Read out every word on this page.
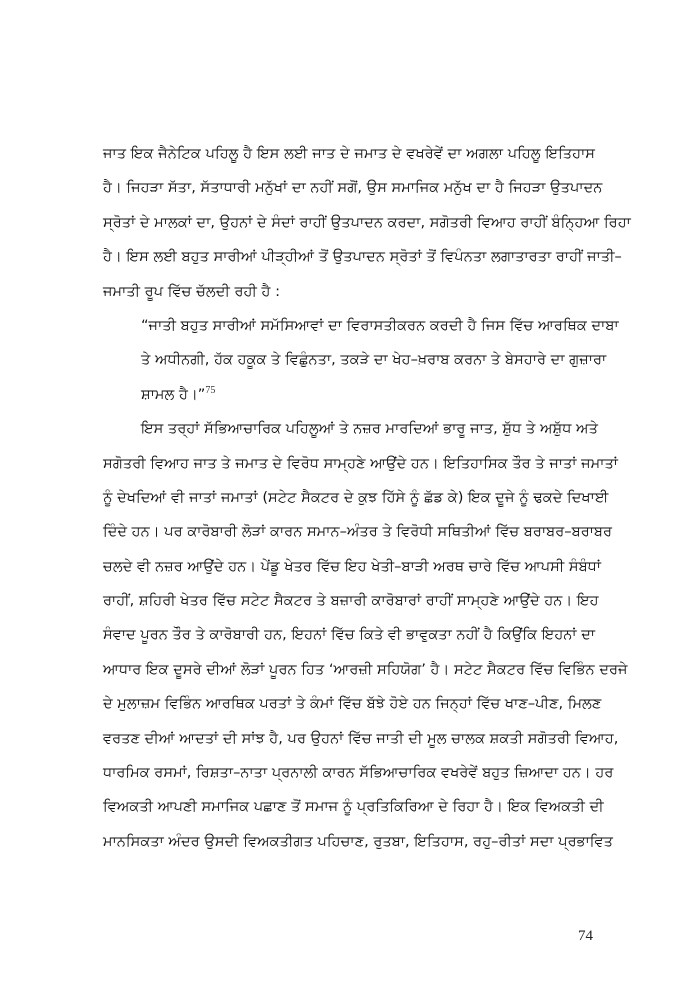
ਜਾਤ ਇਕ ਜੈਨੇਟਿਕ ਪਹਿਲੂ ਹੈ ਇਸ ਲਈ ਜਾਤ ਦੇ ਜਮਾਤ ਦੇ ਵਖਰੇਵੇਂ ਦਾ ਅਗਲਾ ਪਹਿਲੂ ਇਤਿਹਾਸ
ਹੈ। ਜਿਹੜਾ ਸੱਤਾ, ਸੱਤਾਧਾਰੀ ਮਨੁੱਖਾਂ ਦਾ ਨਹੀਂ ਸਗੋਂ, ਉਸ ਸਮਾਜਿਕ ਮਨੁੱਖ ਦਾ ਹੈ ਜਿਹੜਾ ਉਤਪਾਦਨ
ਸ੍ਰੋਤਾਂ ਦੇ ਮਾਲਕਾਂ ਦਾ, ਉਹਨਾਂ ਦੇ ਸੰਦਾਂ ਰਾਹੀਂ ਉਤਪਾਦਨ ਕਰਦਾ, ਸਗੋਤਰੀ ਵਿਆਹ ਰਾਹੀਂ ਬੰਨ੍ਹਿਆ ਰਿਹਾ
ਹੈ। ਇਸ ਲਈ ਬਹੁਤ ਸਾਰੀਆਂ ਪੀੜ੍ਹੀਆਂ ਤੋਂ ਉਤਪਾਦਨ ਸ੍ਰੋਤਾਂ ਤੋਂ ਵਿਪੰਨਤਾ ਲਗਾਤਾਰਤਾ ਰਾਹੀਂ ਜਾਤੀ–
ਜਮਾਤੀ ਰੂਪ ਵਿੱਚ ਚੱਲਦੀ ਰਹੀ ਹੈ :
“ਜਾਤੀ ਬਹੁਤ ਸਾਰੀਆਂ ਸਮੱਸਿਆਵਾਂ ਦਾ ਵਿਰਾਸਤੀਕਰਨ ਕਰਦੀ ਹੈ ਜਿਸ ਵਿੱਚ ਆਰਥਿਕ ਦਾਬਾ
ਤੇ ਅਧੀਨਗੀ, ਹੱਕ ਹਕੂਕ ਤੇ ਵਿਛੁੰਨਤਾ, ਤਕੜੇ ਦਾ ਖੇਹ–ਖ਼ਰਾਬ ਕਰਨਾ ਤੇ ਬੇਸਹਾਰੇ ਦਾ ਗੁਜ਼ਾਰਾ
ਸ਼ਾਮਲ ਹੈ।”$^{75}$
ਇਸ ਤਰ੍ਹਾਂ ਸੱਭਿਆਚਾਰਿਕ ਪਹਿਲੂਆਂ ਤੇ ਨਜ਼ਰ ਮਾਰਦਿਆਂ ਭਾਰੂ ਜਾਤ, ਸ਼ੁੱਧ ਤੇ ਅਸ਼ੁੱਧ ਅਤੇ
ਸਗੋਤਰੀ ਵਿਆਹ ਜਾਤ ਤੇ ਜਮਾਤ ਦੇ ਵਿਰੋਧ ਸਾਮ੍ਹਣੇ ਆਉਂਦੇ ਹਨ। ਇਤਿਹਾਸਿਕ ਤੌਰ ਤੇ ਜਾਤਾਂ ਜਮਾਤਾਂ
ਨੂੰ ਦੇਖਦਿਆਂ ਵੀ ਜਾਤਾਂ ਜਮਾਤਾਂ (ਸਟੇਟ ਸੈਕਟਰ ਦੇ ਕੁਝ ਹਿੱਸੇ ਨੂੰ ਛੱਡ ਕੇ) ਇਕ ਦੂਜੇ ਨੂੰ ਢਕਦੇ ਦਿਖਾਈ
ਦਿੰਦੇ ਹਨ। ਪਰ ਕਾਰੋਬਾਰੀ ਲੋੜਾਂ ਕਾਰਨ ਸਮਾਨ–ਅੰਤਰ ਤੇ ਵਿਰੋਧੀ ਸਥਿਤੀਆਂ ਵਿੱਚ ਬਰਾਬਰ–ਬਰਾਬਰ
ਚਲਦੇ ਵੀ ਨਜ਼ਰ ਆਉਂਦੇ ਹਨ। ਪੇਂਡੂ ਖੇਤਰ ਵਿੱਚ ਇਹ ਖੇਤੀ–ਬਾੜੀ ਅਰਥ ਚਾਰੇ ਵਿੱਚ ਆਪਸੀ ਸੰਬੰਧਾਂ
ਰਾਹੀਂ, ਸ਼ਹਿਰੀ ਖੇਤਰ ਵਿੱਚ ਸਟੇਟ ਸੈਕਟਰ ਤੇ ਬਜ਼ਾਰੀ ਕਾਰੋਬਾਰਾਂ ਰਾਹੀਂ ਸਾਮ੍ਹਣੇ ਆਉਂਦੇ ਹਨ। ਇਹ
ਸੰਵਾਦ ਪੂਰਨ ਤੌਰ ਤੇ ਕਾਰੋਬਾਰੀ ਹਨ, ਇਹਨਾਂ ਵਿੱਚ ਕਿਤੇ ਵੀ ਭਾਵੁਕਤਾ ਨਹੀਂ ਹੈ ਕਿਉਂਕਿ ਇਹਨਾਂ ਦਾ
ਆਧਾਰ ਇਕ ਦੂਸਰੇ ਦੀਆਂ ਲੋੜਾਂ ਪੂਰਨ ਹਿਤ ‘ਆਰਜ਼ੀ ਸਹਿਯੋਗ’ ਹੈ। ਸਟੇਟ ਸੈਕਟਰ ਵਿੱਚ ਵਿਭਿੰਨ ਦਰਜੇ
ਦੇ ਮੁਲਾਜ਼ਮ ਵਿਭਿੰਨ ਆਰਥਿਕ ਪਰਤਾਂ ਤੇ ਕੰਮਾਂ ਵਿੱਚ ਬੱਝੇ ਹੋਏ ਹਨ ਜਿਨ੍ਹਾਂ ਵਿੱਚ ਖਾਣ–ਪੀਣ, ਮਿਲਣ
ਵਰਤਣ ਦੀਆਂ ਆਦਤਾਂ ਦੀ ਸਾਂਝ ਹੈ, ਪਰ ਉਹਨਾਂ ਵਿੱਚ ਜਾਤੀ ਦੀ ਮੂਲ ਚਾਲਕ ਸ਼ਕਤੀ ਸਗੋਤਰੀ ਵਿਆਹ,
ਧਾਰਮਿਕ ਰਸਮਾਂ, ਰਿਸ਼ਤਾ–ਨਾਤਾ ਪ੍ਰਨਾਲੀ ਕਾਰਨ ਸੱਭਿਆਚਾਰਿਕ ਵਖਰੇਵੇਂ ਬਹੁਤ ਜ਼ਿਆਦਾ ਹਨ। ਹਰ
ਵਿਅਕਤੀ ਆਪਣੀ ਸਮਾਜਿਕ ਪਛਾਣ ਤੋਂ ਸਮਾਜ ਨੂੰ ਪ੍ਰਤਿਕਿਰਿਆ ਦੇ ਰਿਹਾ ਹੈ। ਇਕ ਵਿਅਕਤੀ ਦੀ
ਮਾਨਸਿਕਤਾ ਅੰਦਰ ਉਸਦੀ ਵਿਅਕਤੀਗਤ ਪਹਿਚਾਣ, ਰੁਤਬਾ, ਇਤਿਹਾਸ, ਰਹੁ–ਰੀਤਾਂ ਸਦਾ ਪ੍ਰਭਾਵਿਤ
74
